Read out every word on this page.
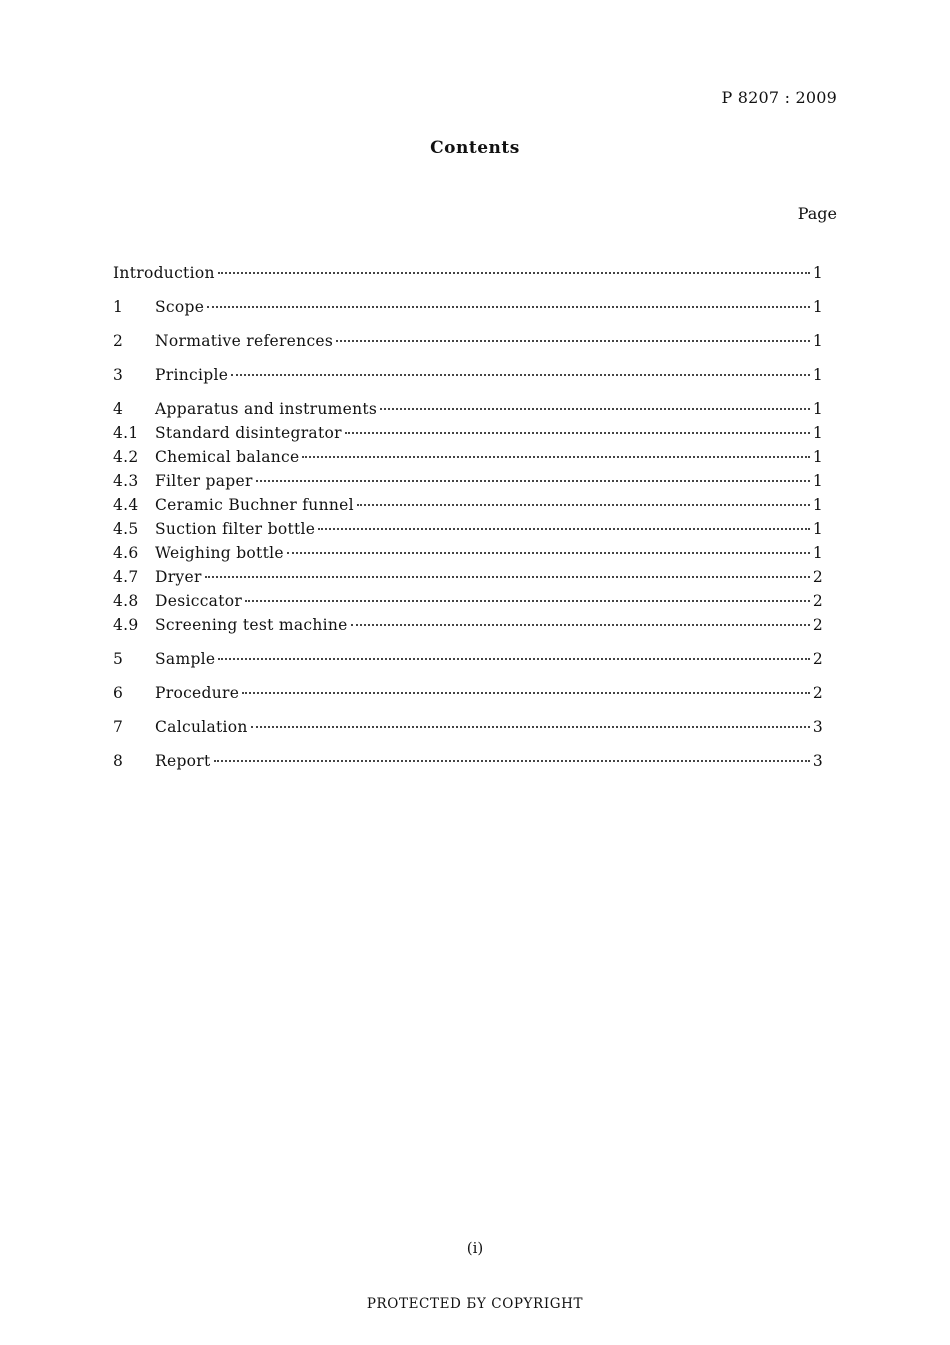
P 8207 : 2009
Contents
Page
Introduction	1
1	Scope	1
2	Normative references	1
3	Principle	1
4	Apparatus and instruments	1
4.1	Standard disintegrator	1
4.2	Chemical balance	1
4.3	Filter paper	1
4.4	Ceramic Buchner funnel	1
4.5	Suction filter bottle	1
4.6	Weighing bottle	1
4.7	Dryer	2
4.8	Desiccator	2
4.9	Screening test machine	2
5	Sample	2
6	Procedure	2
7	Calculation	3
8	Report	3
(i)
PROTECTED БY COPYRIGHT
